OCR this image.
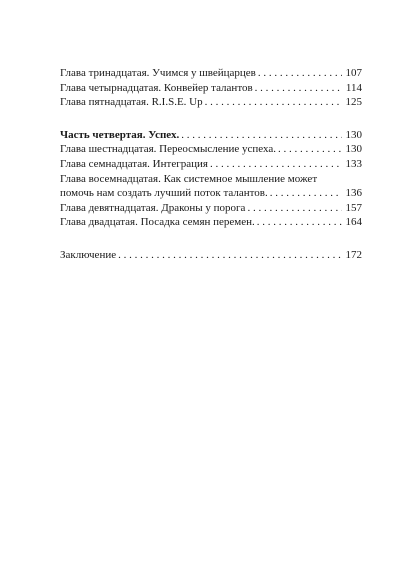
Глава тринадцатая. Учимся у швейцарцев . . .	107
Глава четырнадцатая. Конвейер талантов . . .	114
Глава пятнадцатая. R.I.S.E. Up . . .	125
Часть четвертая. Успех. . . .	130
Глава шестнадцатая. Переосмысление успеха. . . .	130
Глава семнадцатая. Интеграция . . .	133
Глава восемнадцатая. Как системное мышление может
помочь нам создать лучший поток талантов. . . .	136
Глава девятнадцатая. Драконы у порога . . .	157
Глава двадцатая. Посадка семян перемен. . . .	164
Заключение . . .	172
